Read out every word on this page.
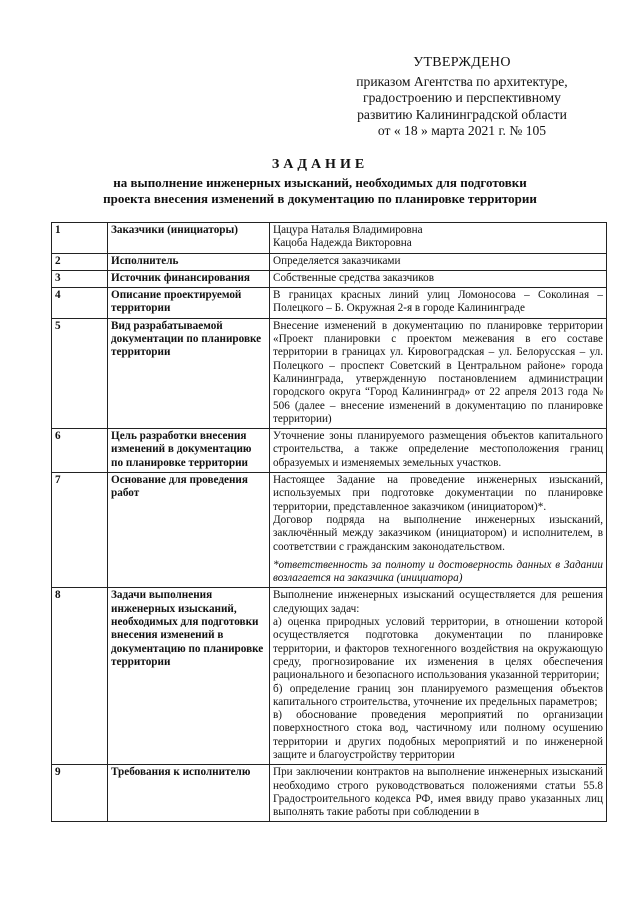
УТВЕРЖДЕНО
приказом Агентства по архитектуре,
градостроению и перспективному
развитию Калининградской области
от « 18 » марта 2021 г. № 105
ЗАДАНИЕ
на выполнение инженерных изысканий, необходимых для подготовки
проекта внесения изменений в документацию по планировке территории
1	Заказчики (инициаторы)	Цацура Наталья Владимировна

Кацоба Надежда Викторовна

2	Исполнитель	Определяется заказчиками

3	Источник финансирования	Собственные средства заказчиков

4	Описание проектируемой территории	В границах красных линий улиц Ломоносова – Соколиная – Полецкого – Б. Окружная 2-я в городе Калининграде

5	Вид разрабатываемой документации по планировке территории	Внесение изменений в документацию по планировке территории «Проект планировки с проектом межевания в его составе территории в границах ул. Кировоградская – ул. Белорусская – ул. Полецкого – проспект Советский в Центральном районе» города Калининграда, утвержденную постановлением администрации городского округа “Город Калининград» от 22 апреля 2013 года № 506 (далее – внесение изменений в документацию по планировке территории)

6	Цель разработки внесения изменений в документацию по планировке территории	Уточнение зоны планируемого размещения объектов капитального строительства, а также определение местоположения границ образуемых и изменяемых земельных участков.

7	Основание для проведения работ	Настоящее Задание на проведение инженерных изысканий, используемых при подготовке документации по планировке территории, представленное заказчиком (инициатором)*.

Договор подряда на выполнение инженерных изысканий, заключённый между заказчиком (инициатором) и исполнителем, в соответствии с гражданским законодательством.

*ответственность за полноту и достоверность данных в Задании возлагается на заказчика (инициатора)

8	Задачи выполнения инженерных изысканий, необходимых для подготовки внесения изменений в документацию по планировке территории	Выполнение инженерных изысканий осуществляется для решения следующих задач:

а) оценка природных условий территории, в отношении которой осуществляется подготовка документации по планировке территории, и факторов техногенного воздействия на окружающую среду, прогнозирование их изменения в целях обеспечения рационального и безопасного использования указанной территории;

б) определение границ зон планируемого размещения объектов капитального строительства, уточнение их предельных параметров;

в) обоснование проведения мероприятий по организации поверхностного стока вод, частичному или полному осушению территории и других подобных мероприятий и по инженерной защите и благоустройству территории

9	Требования к исполнителю	При заключении контрактов на выполнение инженерных изысканий необходимо строго руководствоваться положениями статьи 55.8 Градостроительного кодекса РФ, имея ввиду право указанных лиц выполнять такие работы при соблюдении в
